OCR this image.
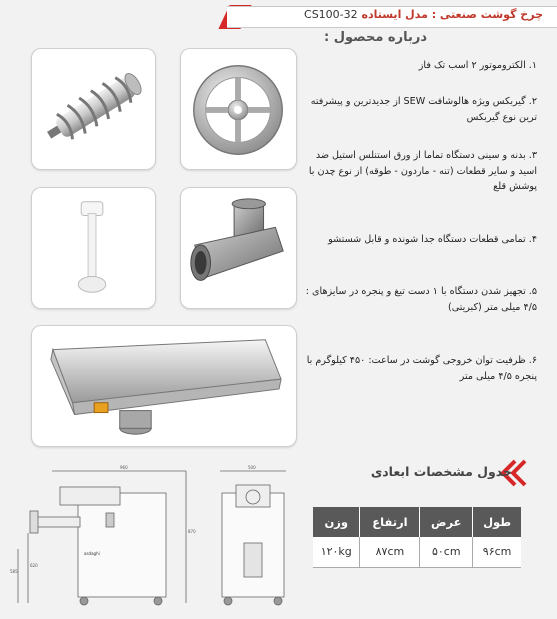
چرخ گوشت صنعتی : مدل ایستاده CS100-32
درباره محصول :
۱. الکتروموتور ۲ اسب تک فاز
۲. گیربکس ویژه هالوشافت SEW از جدیدترین و پیشرفته ترین نوع گیربکس
۳. بدنه و سینی دستگاه تماما از ورق استنلس استیل ضد اسید و سایر قطعات (تنه - ماردون - طوقه) از نوع چدن با پوشش قلع
۴. تمامی قطعات دستگاه جدا شونده و قابل شستشو
۵. تجهیز شدن دستگاه با ۱ دست تیغ و پنجره در سایزهای : ۴/۵ میلی متر (کبریتی)
۶. ظرفیت توان خروجی گوشت در ساعت: ۴۵۰ کیلوگرم با پنجره ۴/۵ میلی متر
960
870
620
585
asdaghi
500	جدول مشخصات ابعادی
طول	عرض	ارتفاع	وزن
۹۶cm	۵۰cm	۸۷cm	۱۲۰kg
